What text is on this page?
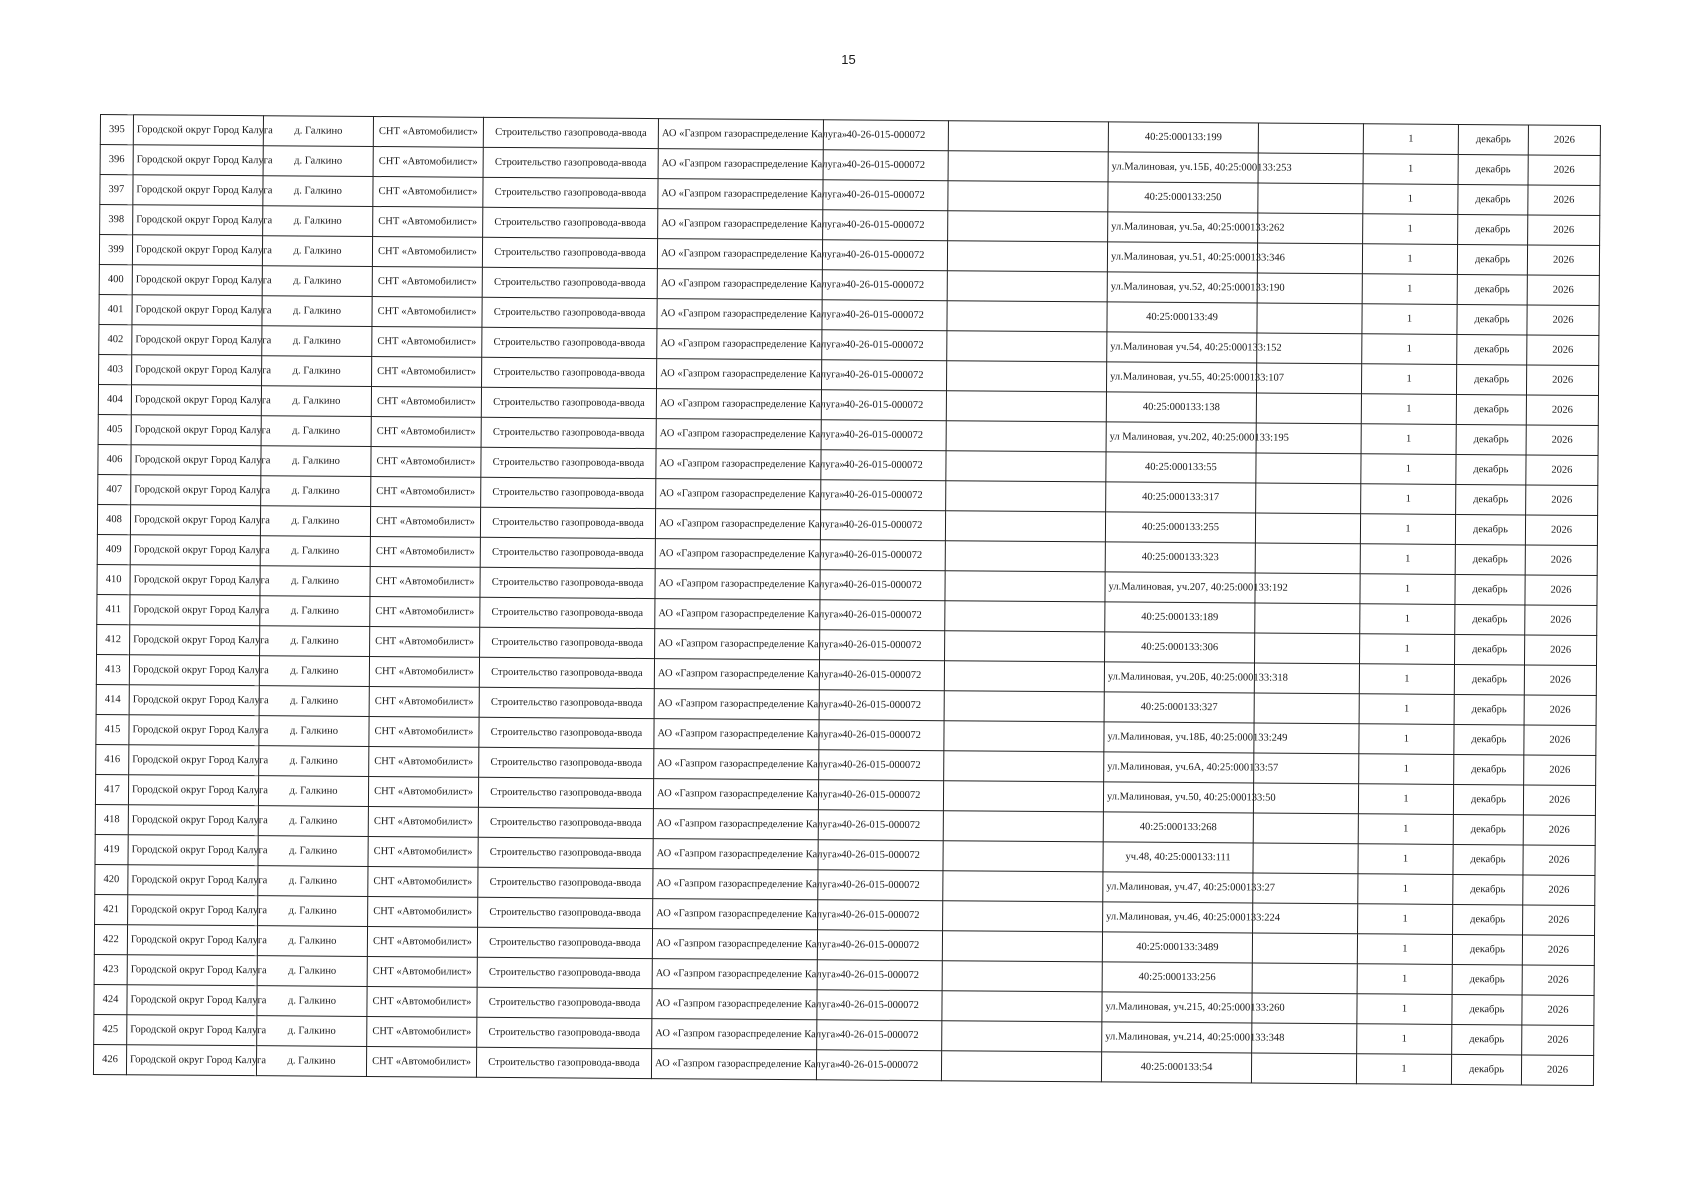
15
395	Городской округ Город Калуга	д. Галкино	СНТ «Автомобилист»	Строительство газопровода-ввода	АО «Газпром газораспределение Калуга»	40-26-015-000072		40:25:000133:199		1	декабрь	2026
396	Городской округ Город Калуга	д. Галкино	СНТ «Автомобилист»	Строительство газопровода-ввода	АО «Газпром газораспределение Калуга»	40-26-015-000072		ул.Малиновая, уч.15Б, 40:25:000133:253		1	декабрь	2026
397	Городской округ Город Калуга	д. Галкино	СНТ «Автомобилист»	Строительство газопровода-ввода	АО «Газпром газораспределение Калуга»	40-26-015-000072		40:25:000133:250		1	декабрь	2026
398	Городской округ Город Калуга	д. Галкино	СНТ «Автомобилист»	Строительство газопровода-ввода	АО «Газпром газораспределение Калуга»	40-26-015-000072		ул.Малиновая, уч.5а, 40:25:000133:262		1	декабрь	2026
399	Городской округ Город Калуга	д. Галкино	СНТ «Автомобилист»	Строительство газопровода-ввода	АО «Газпром газораспределение Калуга»	40-26-015-000072		ул.Малиновая, уч.51, 40:25:000133:346		1	декабрь	2026
400	Городской округ Город Калуга	д. Галкино	СНТ «Автомобилист»	Строительство газопровода-ввода	АО «Газпром газораспределение Калуга»	40-26-015-000072		ул.Малиновая, уч.52, 40:25:000133:190		1	декабрь	2026
401	Городской округ Город Калуга	д. Галкино	СНТ «Автомобилист»	Строительство газопровода-ввода	АО «Газпром газораспределение Калуга»	40-26-015-000072		40:25:000133:49		1	декабрь	2026
402	Городской округ Город Калуга	д. Галкино	СНТ «Автомобилист»	Строительство газопровода-ввода	АО «Газпром газораспределение Калуга»	40-26-015-000072		ул.Малиновая уч.54, 40:25:000133:152		1	декабрь	2026
403	Городской округ Город Калуга	д. Галкино	СНТ «Автомобилист»	Строительство газопровода-ввода	АО «Газпром газораспределение Калуга»	40-26-015-000072		ул.Малиновая, уч.55, 40:25:000133:107		1	декабрь	2026
404	Городской округ Город Калуга	д. Галкино	СНТ «Автомобилист»	Строительство газопровода-ввода	АО «Газпром газораспределение Калуга»	40-26-015-000072		40:25:000133:138		1	декабрь	2026
405	Городской округ Город Калуга	д. Галкино	СНТ «Автомобилист»	Строительство газопровода-ввода	АО «Газпром газораспределение Калуга»	40-26-015-000072		ул Малиновая, уч.202, 40:25:000133:195		1	декабрь	2026
406	Городской округ Город Калуга	д. Галкино	СНТ «Автомобилист»	Строительство газопровода-ввода	АО «Газпром газораспределение Калуга»	40-26-015-000072		40:25:000133:55		1	декабрь	2026
407	Городской округ Город Калуга	д. Галкино	СНТ «Автомобилист»	Строительство газопровода-ввода	АО «Газпром газораспределение Калуга»	40-26-015-000072		40:25:000133:317		1	декабрь	2026
408	Городской округ Город Калуга	д. Галкино	СНТ «Автомобилист»	Строительство газопровода-ввода	АО «Газпром газораспределение Калуга»	40-26-015-000072		40:25:000133:255		1	декабрь	2026
409	Городской округ Город Калуга	д. Галкино	СНТ «Автомобилист»	Строительство газопровода-ввода	АО «Газпром газораспределение Калуга»	40-26-015-000072		40:25:000133:323		1	декабрь	2026
410	Городской округ Город Калуга	д. Галкино	СНТ «Автомобилист»	Строительство газопровода-ввода	АО «Газпром газораспределение Калуга»	40-26-015-000072		ул.Малиновая, уч.207, 40:25:000133:192		1	декабрь	2026
411	Городской округ Город Калуга	д. Галкино	СНТ «Автомобилист»	Строительство газопровода-ввода	АО «Газпром газораспределение Калуга»	40-26-015-000072		40:25:000133:189		1	декабрь	2026
412	Городской округ Город Калуга	д. Галкино	СНТ «Автомобилист»	Строительство газопровода-ввода	АО «Газпром газораспределение Калуга»	40-26-015-000072		40:25:000133:306		1	декабрь	2026
413	Городской округ Город Калуга	д. Галкино	СНТ «Автомобилист»	Строительство газопровода-ввода	АО «Газпром газораспределение Калуга»	40-26-015-000072		ул.Малиновая, уч.20Б, 40:25:000133:318		1	декабрь	2026
414	Городской округ Город Калуга	д. Галкино	СНТ «Автомобилист»	Строительство газопровода-ввода	АО «Газпром газораспределение Калуга»	40-26-015-000072		40:25:000133:327		1	декабрь	2026
415	Городской округ Город Калуга	д. Галкино	СНТ «Автомобилист»	Строительство газопровода-ввода	АО «Газпром газораспределение Калуга»	40-26-015-000072		ул.Малиновая, уч.18Б, 40:25:000133:249		1	декабрь	2026
416	Городской округ Город Калуга	д. Галкино	СНТ «Автомобилист»	Строительство газопровода-ввода	АО «Газпром газораспределение Калуга»	40-26-015-000072		ул.Малиновая, уч.6А, 40:25:000133:57		1	декабрь	2026
417	Городской округ Город Калуга	д. Галкино	СНТ «Автомобилист»	Строительство газопровода-ввода	АО «Газпром газораспределение Калуга»	40-26-015-000072		ул.Малиновая, уч.50, 40:25:000133:50		1	декабрь	2026
418	Городской округ Город Калуга	д. Галкино	СНТ «Автомобилист»	Строительство газопровода-ввода	АО «Газпром газораспределение Калуга»	40-26-015-000072		40:25:000133:268		1	декабрь	2026
419	Городской округ Город Калуга	д. Галкино	СНТ «Автомобилист»	Строительство газопровода-ввода	АО «Газпром газораспределение Калуга»	40-26-015-000072		уч.48, 40:25:000133:111		1	декабрь	2026
420	Городской округ Город Калуга	д. Галкино	СНТ «Автомобилист»	Строительство газопровода-ввода	АО «Газпром газораспределение Калуга»	40-26-015-000072		ул.Малиновая, уч.47, 40:25:000133:27		1	декабрь	2026
421	Городской округ Город Калуга	д. Галкино	СНТ «Автомобилист»	Строительство газопровода-ввода	АО «Газпром газораспределение Калуга»	40-26-015-000072		ул.Малиновая, уч.46, 40:25:000133:224		1	декабрь	2026
422	Городской округ Город Калуга	д. Галкино	СНТ «Автомобилист»	Строительство газопровода-ввода	АО «Газпром газораспределение Калуга»	40-26-015-000072		40:25:000133:3489		1	декабрь	2026
423	Городской округ Город Калуга	д. Галкино	СНТ «Автомобилист»	Строительство газопровода-ввода	АО «Газпром газораспределение Калуга»	40-26-015-000072		40:25:000133:256		1	декабрь	2026
424	Городской округ Город Калуга	д. Галкино	СНТ «Автомобилист»	Строительство газопровода-ввода	АО «Газпром газораспределение Калуга»	40-26-015-000072		ул.Малиновая, уч.215, 40:25:000133:260		1	декабрь	2026
425	Городской округ Город Калуга	д. Галкино	СНТ «Автомобилист»	Строительство газопровода-ввода	АО «Газпром газораспределение Калуга»	40-26-015-000072		ул.Малиновая, уч.214, 40:25:000133:348		1	декабрь	2026
426	Городской округ Город Калуга	д. Галкино	СНТ «Автомобилист»	Строительство газопровода-ввода	АО «Газпром газораспределение Калуга»	40-26-015-000072		40:25:000133:54		1	декабрь	2026
